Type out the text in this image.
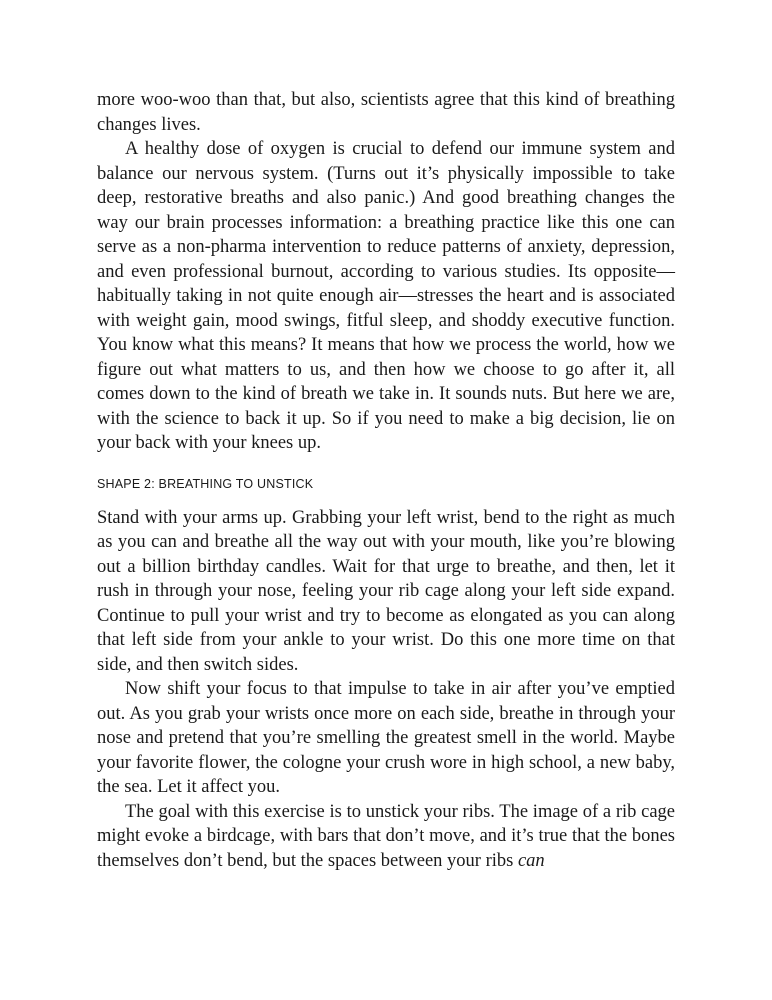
more woo-woo than that, but also, scientists agree that this kind of breathing changes lives.

A healthy dose of oxygen is crucial to defend our immune system and balance our nervous system. (Turns out it’s physically impossible to take deep, restorative breaths and also panic.) And good breathing changes the way our brain processes information: a breathing practice like this one can serve as a non-pharma intervention to reduce patterns of anxiety, depression, and even professional burnout, according to various studies. Its opposite—habitually taking in not quite enough air—stresses the heart and is associated with weight gain, mood swings, fitful sleep, and shoddy executive function. You know what this means? It means that how we process the world, how we figure out what matters to us, and then how we choose to go after it, all comes down to the kind of breath we take in. It sounds nuts. But here we are, with the science to back it up. So if you need to make a big decision, lie on your back with your knees up.

SHAPE 2: BREATHING TO UNSTICK

Stand with your arms up. Grabbing your left wrist, bend to the right as much as you can and breathe all the way out with your mouth, like you’re blowing out a billion birthday candles. Wait for that urge to breathe, and then, let it rush in through your nose, feeling your rib cage along your left side expand. Continue to pull your wrist and try to become as elongated as you can along that left side from your ankle to your wrist. Do this one more time on that side, and then switch sides.

Now shift your focus to that impulse to take in air after you’ve emptied out. As you grab your wrists once more on each side, breathe in through your nose and pretend that you’re smelling the greatest smell in the world. Maybe your favorite flower, the cologne your crush wore in high school, a new baby, the sea. Let it affect you.

The goal with this exercise is to unstick your ribs. The image of a rib cage might evoke a birdcage, with bars that don’t move, and it’s true that the bones themselves don’t bend, but the spaces between your ribs can
